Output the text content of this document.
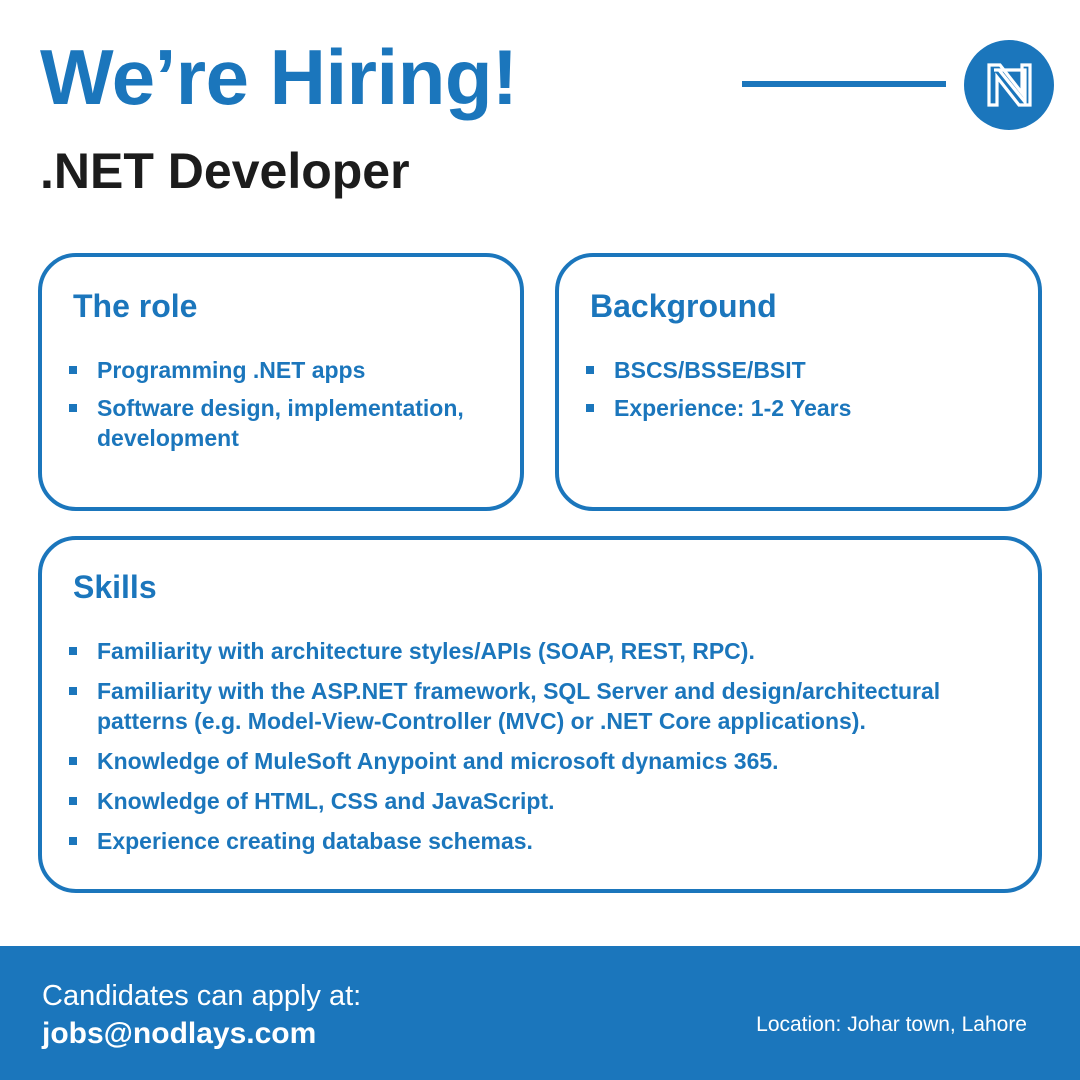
We’re Hiring!
.NET Developer
The role
Programming .NET apps
Software design, implementation, development
Background
BSCS/BSSE/BSIT
Experience: 1-2 Years
Skills
Familiarity with architecture styles/APIs (SOAP, REST, RPC).
Familiarity with the ASP.NET framework, SQL Server and design/architectural patterns (e.g. Model-View-Controller (MVC) or .NET Core applications).
Knowledge of MuleSoft Anypoint and microsoft dynamics 365.
Knowledge of HTML, CSS and JavaScript.
Experience creating database schemas.
Candidates can apply at:
jobs@nodlays.com	Location: Johar town, Lahore
